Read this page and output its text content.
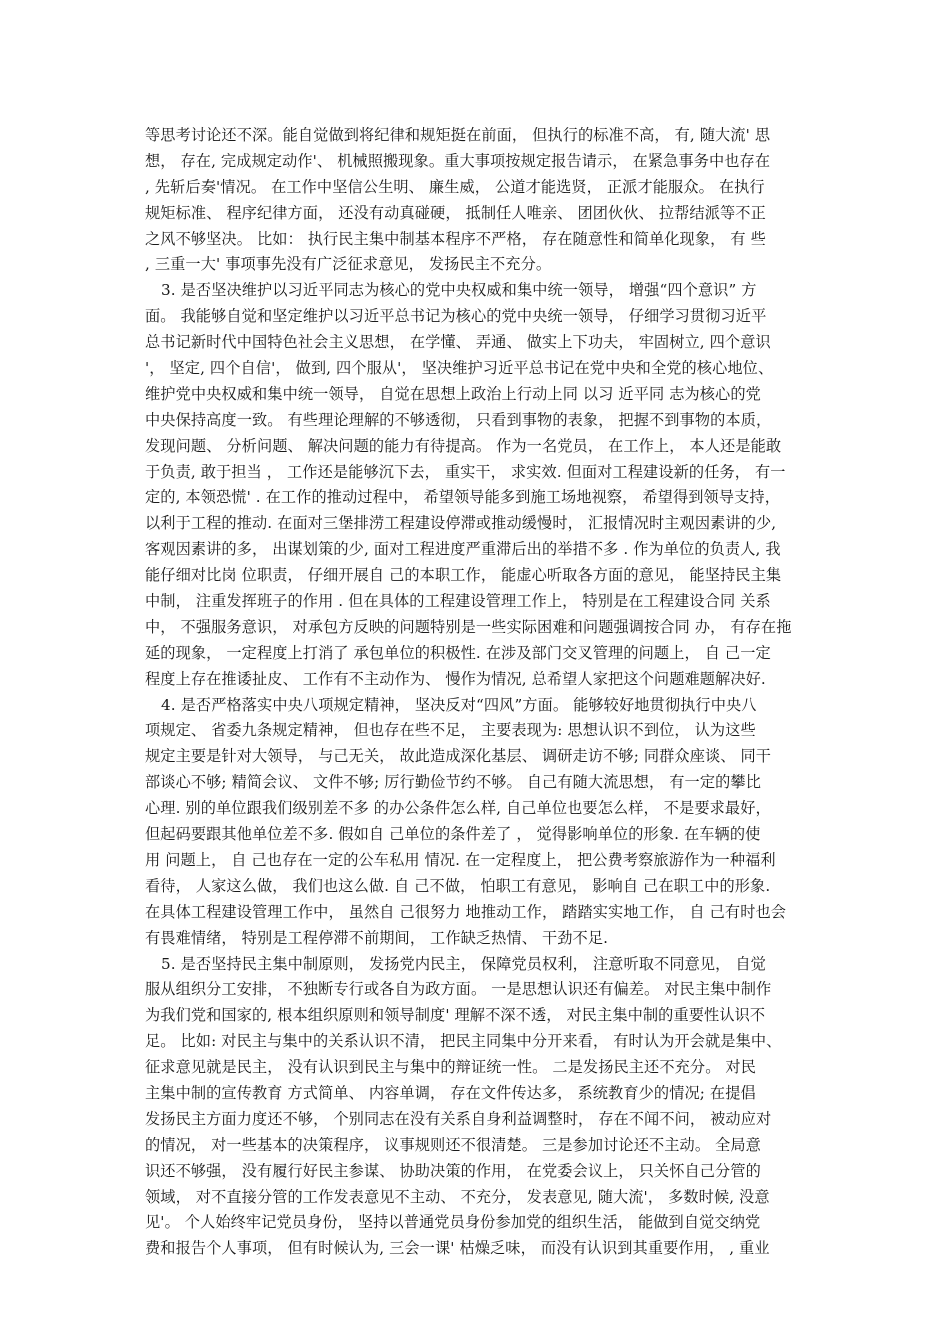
等思考讨论还不深。能自觉做到将纪律和规矩挺在前面， 但执行的标准不高， 有, 随大流' 思
想， 存在, 完成规定动作'、 机械照搬现象。重大事项按规定报告请示， 在紧急事务中也存在
, 先斩后奏'情况。 在工作中坚信公生明、 廉生威， 公道才能选贤， 正派才能服众。 在执行
规矩标准、 程序纪律方面， 还没有动真碰硬， 抵制任人唯亲、 团团伙伙、 拉帮结派等不正
之风不够坚决。 比如： 执行民主集中制基本程序不严格， 存在随意性和简单化现象， 有 些
, 三重一大' 事项事先没有广泛征求意见， 发扬民主不充分。
3. 是否坚决维护以习近平同志为核心的党中央权威和集中统一领导， 增强“四个意识” 方
面。 我能够自觉和坚定维护以习近平总书记为核心的党中央统一领导， 仔细学习贯彻习近平
总书记新时代中国特色社会主义思想， 在学懂、 弄通、 做实上下功夫， 牢固树立, 四个意识
'， 坚定, 四个自信'， 做到, 四个服从'， 坚决维护习近平总书记在党中央和全党的核心地位、
维护党中央权威和集中统一领导， 自觉在思想上政治上行动上同 以习 近平同 志为核心的党
中央保持高度一致。 有些理论理解的不够透彻， 只看到事物的表象， 把握不到事物的本质，
发现问题、 分析问题、 解决问题的能力有待提高。 作为一名党员， 在工作上， 本人还是能敢
于负责, 敢于担当 ， 工作还是能够沉下去， 重实干， 求实效. 但面对工程建设新的任务， 有一
定的, 本领恐慌' . 在工作的推动过程中， 希望领导能多到施工场地视察， 希望得到领导支持，
以利于工程的推动. 在面对三堡排涝工程建设停滞或推动缓慢时， 汇报情况时主观因素讲的少,
客观因素讲的多， 出谋划策的少, 面对工程进度严重滞后出的举措不多 . 作为单位的负责人, 我
能仔细对比岗 位职责， 仔细开展自 己的本职工作， 能虚心听取各方面的意见， 能坚持民主集
中制， 注重发挥班子的作用 . 但在具体的工程建设管理工作上， 特别是在工程建设合同 关系
中， 不强服务意识， 对承包方反映的问题特别是一些实际困难和问题强调按合同 办， 有存在拖
延的现象， 一定程度上打消了 承包单位的积极性. 在涉及部门交叉管理的问题上， 自 己一定
程度上存在推诿扯皮、 工作有不主动作为、 慢作为情况, 总希望人家把这个问题难题解决好.
4. 是否严格落实中央八项规定精神， 坚决反对“四风”方面。 能够较好地贯彻执行中央八
项规定、 省委九条规定精神， 但也存在些不足， 主要表现为: 思想认识不到位， 认为这些
规定主要是针对大领导， 与己无关， 故此造成深化基层、 调研走访不够; 同群众座谈、 同干
部谈心不够; 精简会议、 文件不够; 厉行勤俭节约不够。 自己有随大流思想， 有一定的攀比
心理. 别的单位跟我们级别差不多 的办公条件怎么样, 自己单位也要怎么样， 不是要求最好，
但起码要跟其他单位差不多. 假如自 己单位的条件差了 ， 觉得影响单位的形象. 在车辆的使
用 问题上， 自 己也存在一定的公车私用 情况. 在一定程度上， 把公费考察旅游作为一种福利
看待， 人家这么做， 我们也这么做. 自 己不做， 怕职工有意见， 影响自 己在职工中的形象.
在具体工程建设管理工作中， 虽然自 己很努力 地推动工作， 踏踏实实地工作， 自 己有时也会
有畏难情绪， 特别是工程停滞不前期间， 工作缺乏热情、 干劲不足.
5. 是否坚持民主集中制原则， 发扬党内民主， 保障党员权利， 注意听取不同意见， 自觉
服从组织分工安排， 不独断专行或各自为政方面。 一是思想认识还有偏差。 对民主集中制作
为我们党和国家的, 根本组织原则和领导制度' 理解不深不透， 对民主集中制的重要性认识不
足。 比如: 对民主与集中的关系认识不清， 把民主同集中分开来看， 有时认为开会就是集中、
征求意见就是民主， 没有认识到民主与集中的辩证统一性。 二是发扬民主还不充分。 对民
主集中制的宣传教育 方式简单、 内容单调， 存在文件传达多， 系统教育少的情况; 在提倡
发扬民主方面力度还不够， 个别同志在没有关系自身利益调整时， 存在不闻不问， 被动应对
的情况， 对一些基本的决策程序， 议事规则还不很清楚。 三是参加讨论还不主动。 全局意
识还不够强， 没有履行好民主参谋、 协助决策的作用， 在党委会议上， 只关怀自己分管的
领域， 对不直接分管的工作发表意见不主动、 不充分， 发表意见, 随大流'， 多数时候, 没意
见'。 个人始终牢记党员身份， 坚持以普通党员身份参加党的组织生活， 能做到自觉交纳党
费和报告个人事项， 但有时候认为, 三会一课' 枯燥乏味， 而没有认识到其重要作用， , 重业
